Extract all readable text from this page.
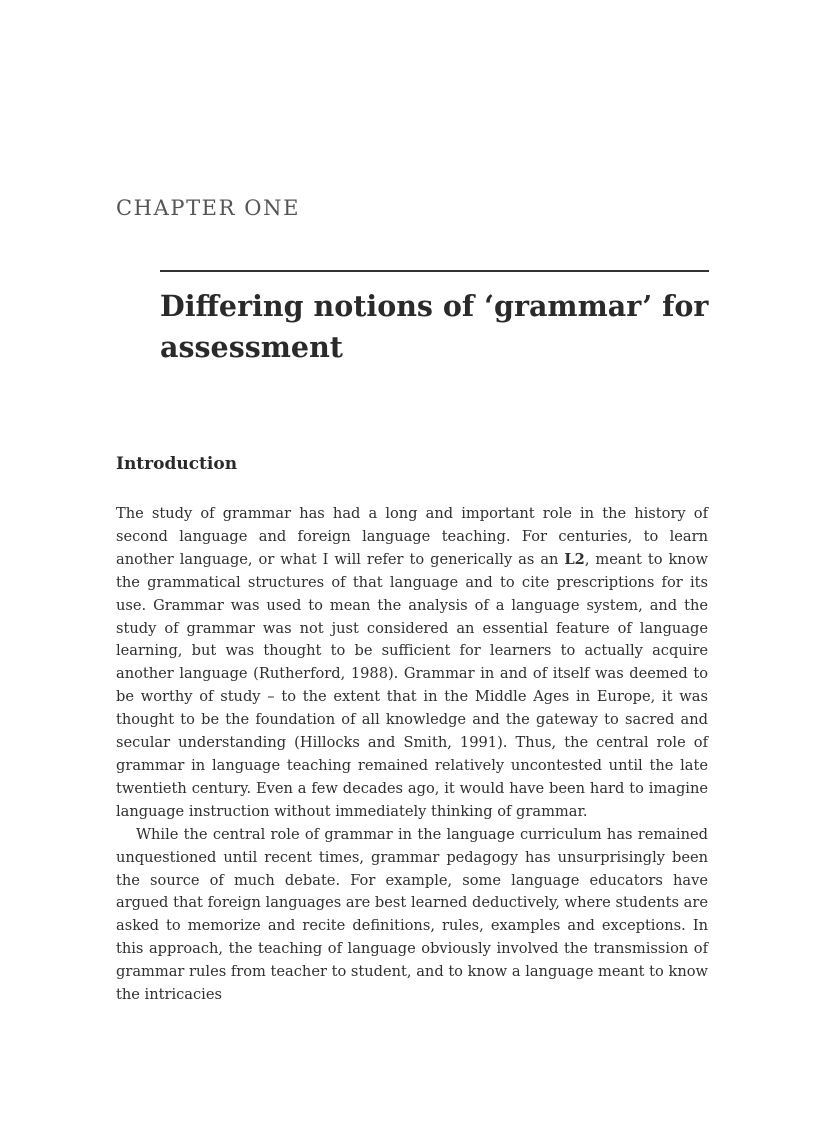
CHAPTER ONE
Differing notions of ‘grammar’ for assessment
Introduction

The study of grammar has had a long and important role in the history of second language and foreign language teaching. For centuries, to learn another language, or what I will refer to generically as an L2, meant to know the grammatical structures of that language and to cite prescriptions for its use. Grammar was used to mean the analysis of a language system, and the study of grammar was not just considered an essential feature of language learning, but was thought to be sufficient for learners to actually acquire another language (Rutherford, 1988). Grammar in and of itself was deemed to be worthy of study – to the extent that in the Middle Ages in Europe, it was thought to be the foundation of all knowledge and the gateway to sacred and secular understanding (Hillocks and Smith, 1991). Thus, the central role of grammar in language teaching remained relatively uncontested until the late twentieth century. Even a few decades ago, it would have been hard to imagine language instruction without immediately thinking of grammar.

While the central role of grammar in the language curriculum has remained unquestioned until recent times, grammar pedagogy has unsurprisingly been the source of much debate. For example, some language educators have argued that foreign languages are best learned deductively, where students are asked to memorize and recite definitions, rules, examples and exceptions. In this approach, the teaching of language obviously involved the transmission of grammar rules from teacher to student, and to know a language meant to know the intricacies
